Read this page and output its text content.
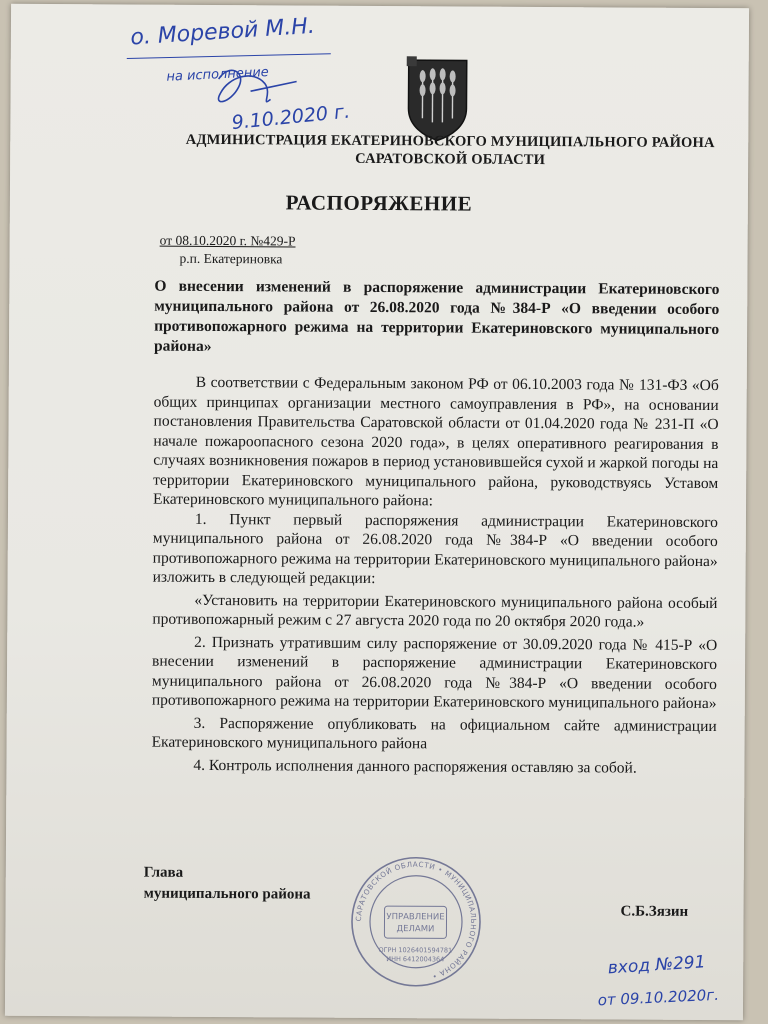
о. Моревой М.Н.
на исполнение
9.10.2020 г.
АДМИНИСТРАЦИЯ ЕКАТЕРИНОВСКОГО МУНИЦИПАЛЬНОГО РАЙОНА
САРАТОВСКОЙ ОБЛАСТИ
РАСПОРЯЖЕНИЕ
от 08.10.2020 г. №429-Р
р.п. Екатериновка
О внесении изменений в распоряжение администрации Екатериновского муниципального района от 26.08.2020 года №384-Р «О введении особого противопожарного режима на территории Екатериновского муниципального района»

В соответствии с Федеральным законом РФ от 06.10.2003 года № 131-ФЗ «Об общих принципах организации местного самоуправления в РФ», на основании постановления Правительства Саратовской области от 01.04.2020 года № 231-П «О начале пожароопасного сезона 2020 года», в целях оперативного реагирования в случаях возникновения пожаров в период установившейся сухой и жаркой погоды на территории Екатериновского муниципального района, руководствуясь Уставом Екатериновского муниципального района:

1. Пункт первый распоряжения администрации Екатериновского муниципального района от 26.08.2020 года №384-Р «О введении особого противопожарного режима на территории Екатериновского муниципального района» изложить в следующей редакции:

«Установить на территории Екатериновского муниципального района особый противопожарный режим с 27 августа 2020 года по 20 октября 2020 года.»

2. Признать утратившим силу распоряжение от 30.09.2020 года № 415-Р «О внесении изменений в распоряжение администрации Екатериновского муниципального района от 26.08.2020 года №384-Р «О введении особого противопожарного режима на территории Екатериновского муниципального района»

3. Распоряжение опубликовать на официальном сайте администрации Екатериновского муниципального района

4. Контроль исполнения данного распоряжения оставляю за собой.

Глава
муниципального района
С.Б.Зязин
САРАТОВСКОЙ ОБЛАСТИ • МУНИЦИПАЛЬНОГО РАЙОНА •
УПРАВЛЕНИЕ
ДЕЛАМИ
ОГРН 1026401594781
ИНН 6412004364	вход №291
от 09.10.2020г.
